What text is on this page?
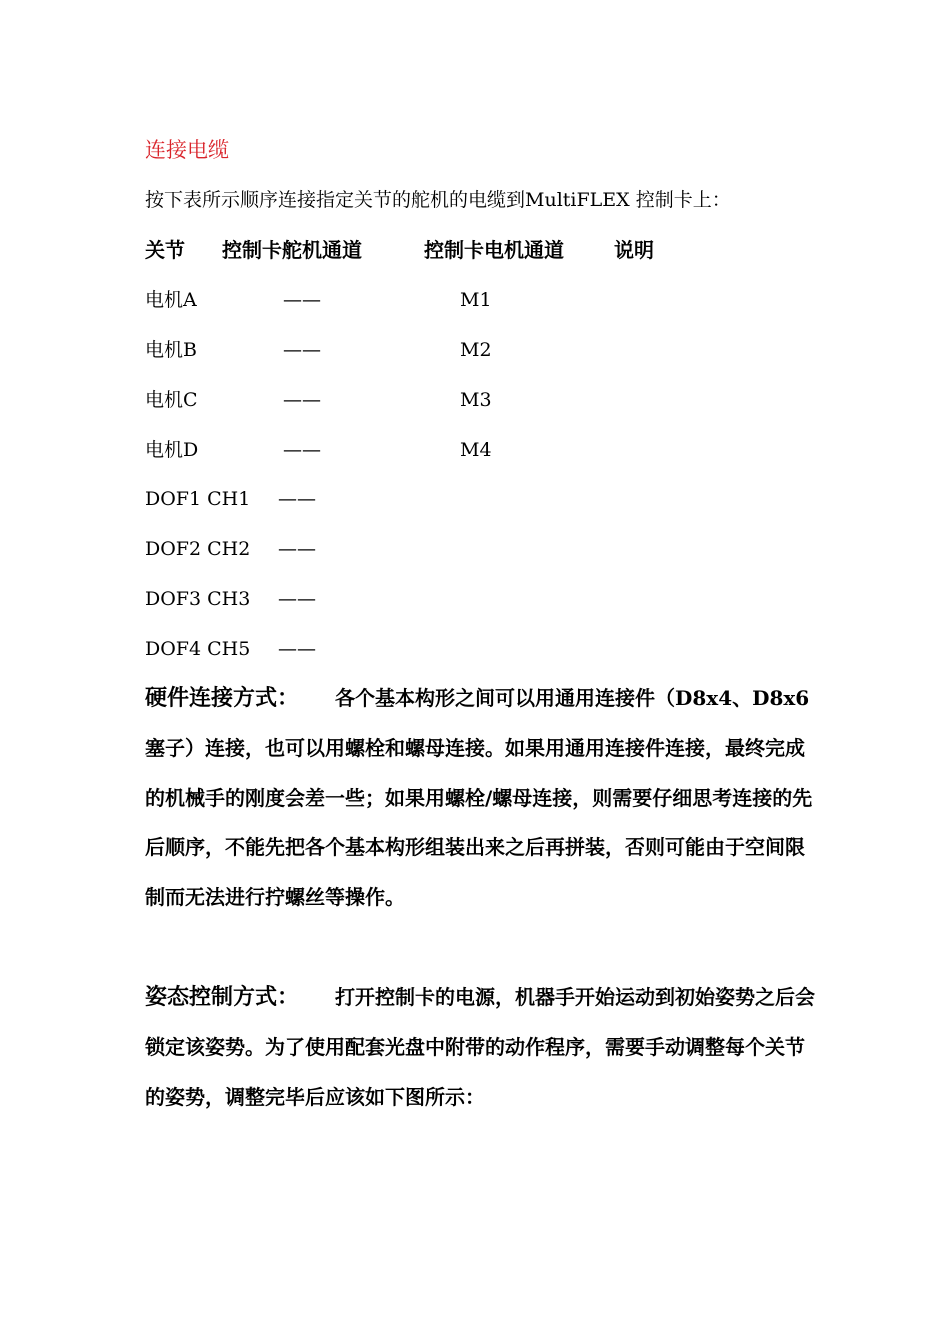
连接电缆
按下表所示顺序连接指定关节的舵机的电缆到MultiFLEX 控制卡上：
关节 控制卡舵机通道	控制卡电机通道	说明
电机A	——	M1
电机B	——	M2
电机C	——	M3
电机D	——	M4
DOF1 CH1 ——
DOF2 CH2 ——
DOF3 CH3 ——
DOF4 CH5 ——
硬件连接方式： 各个基本构形之间可以用通用连接件（D8x4、D8x6 塞子）连接，也可以用螺栓和螺母连接。如果用通用连接件连接，最终完成的机械手的刚度会差一些；如果用螺栓/螺母连接，则需要仔细思考连接的先后顺序，不能先把各个基本构形组装出来之后再拼装，否则可能由于空间限制而无法进行拧螺丝等操作。
姿态控制方式： 打开控制卡的电源，机器手开始运动到初始姿势之后会锁定该姿势。为了使用配套光盘中附带的动作程序，需要手动调整每个关节的姿势，调整完毕后应该如下图所示：
